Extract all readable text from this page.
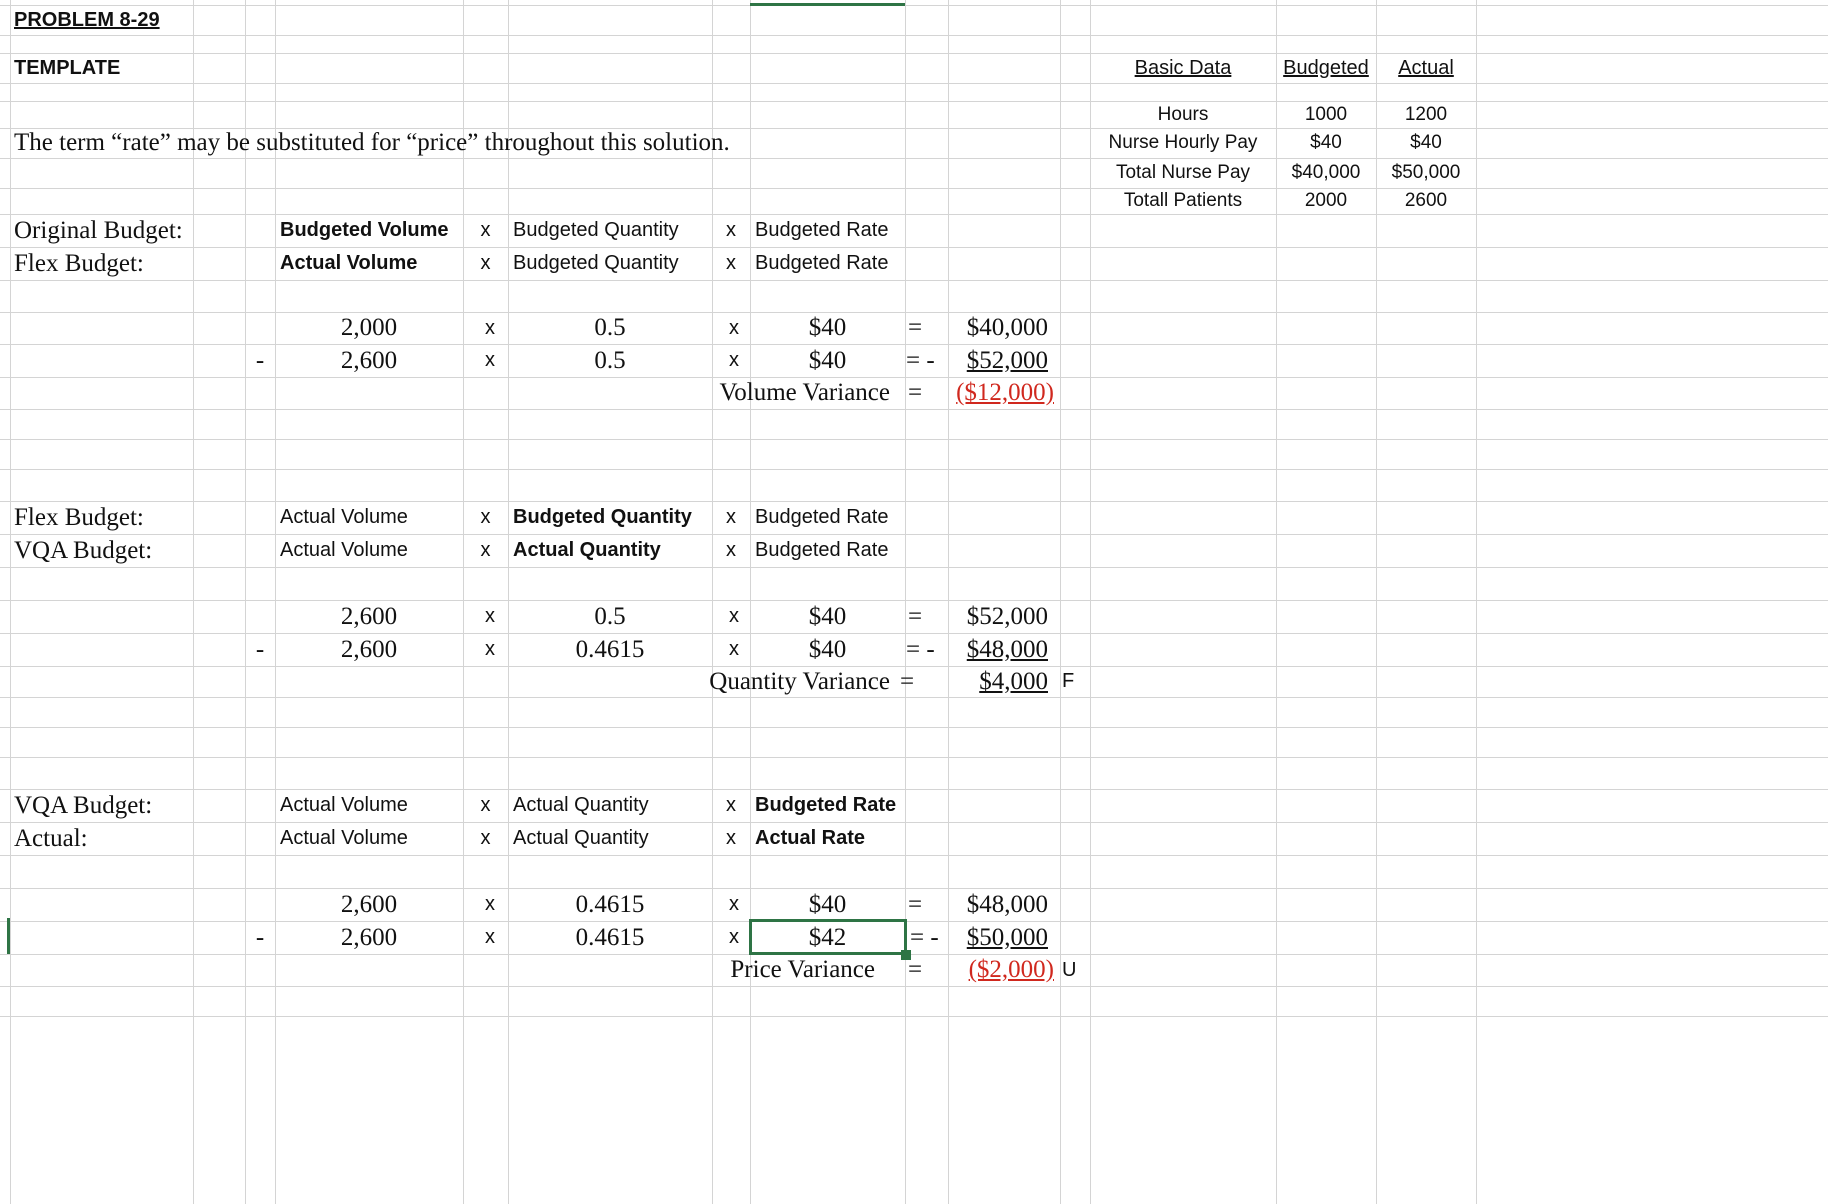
PROBLEM 8-29
TEMPLATE
The term “rate” may be substituted for “price” throughout this solution.
Basic Data	Budgeted	Actual
Hours	1000	1200
Nurse Hourly Pay	$40	$40
Total Nurse Pay	$40,000	$50,000
Totall Patients	2000	2600
Original Budget:
Flex Budget:
Budgeted Volume	x	Budgeted Quantity	x Budgeted Rate
Actual Volume	x	Budgeted Quantity	x Budgeted Rate
2,000	x	0.5	x	$40	=	$40,000
-	2,600	x	0.5	x	$40	= -	$52,000
Volume Variance =	($12,000)
Flex Budget:
VQA Budget:
Actual Volume	x	Budgeted Quantity	x Budgeted Rate
Actual Volume	x	Actual Quantity	x Budgeted Rate
2,600	x	0.5	x	$40	=	$52,000
-	2,600	x	0.4615	x	$40	= -	$48,000
Quantity Variance =	$4,000 F
VQA Budget:
Actual:
Actual Volume	x	Actual Quantity	x Budgeted Rate
Actual Volume	x	Actual Quantity	x Actual Rate
2,600	x	0.4615	x	$40	=	$48,000
-	2,600	x	0.4615	x	$42	= -	$50,000
Price Variance =	($2,000) U
